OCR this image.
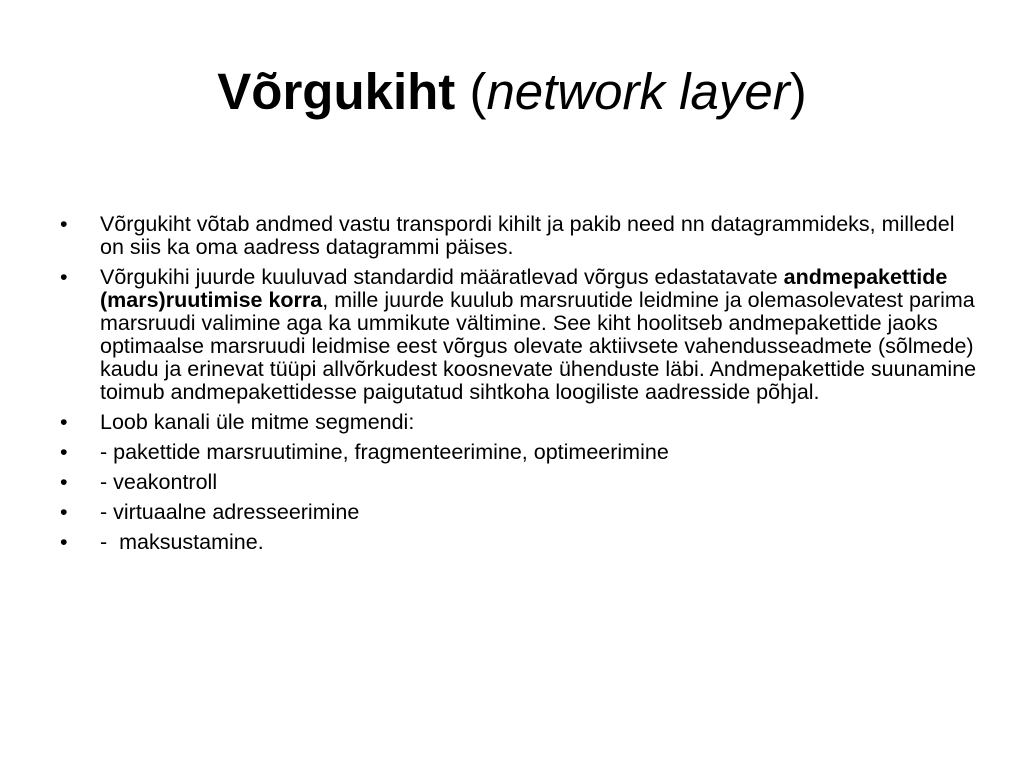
Võrgukiht (network layer)
•	Võrgukiht võtab andmed vastu transpordi kihilt ja pakib need nn datagrammideks, milledel on siis ka oma aadress datagrammi päises.
•	Võrgukihi juurde kuuluvad standardid määratlevad võrgus edastatavate andmepakettide (mars)ruutimise korra, mille juurde kuulub marsruutide leidmine ja olemasolevatest parima marsruudi valimine aga ka ummikute vältimine. See kiht hoolitseb andmepakettide jaoks optimaalse marsruudi leidmise eest võrgus olevate aktiivsete vahendusseadmete (sõlmede) kaudu ja erinevat tüüpi allvõrkudest koosnevate ühenduste läbi. Andmepakettide suunamine toimub andmepakettidesse paigutatud sihtkoha loogiliste aadresside põhjal.
•	Loob kanali üle mitme segmendi:
•	- pakettide marsruutimine, fragmenteerimine, optimeerimine
•	- veakontroll
•	- virtuaalne adresseerimine
•	-  maksustamine.
